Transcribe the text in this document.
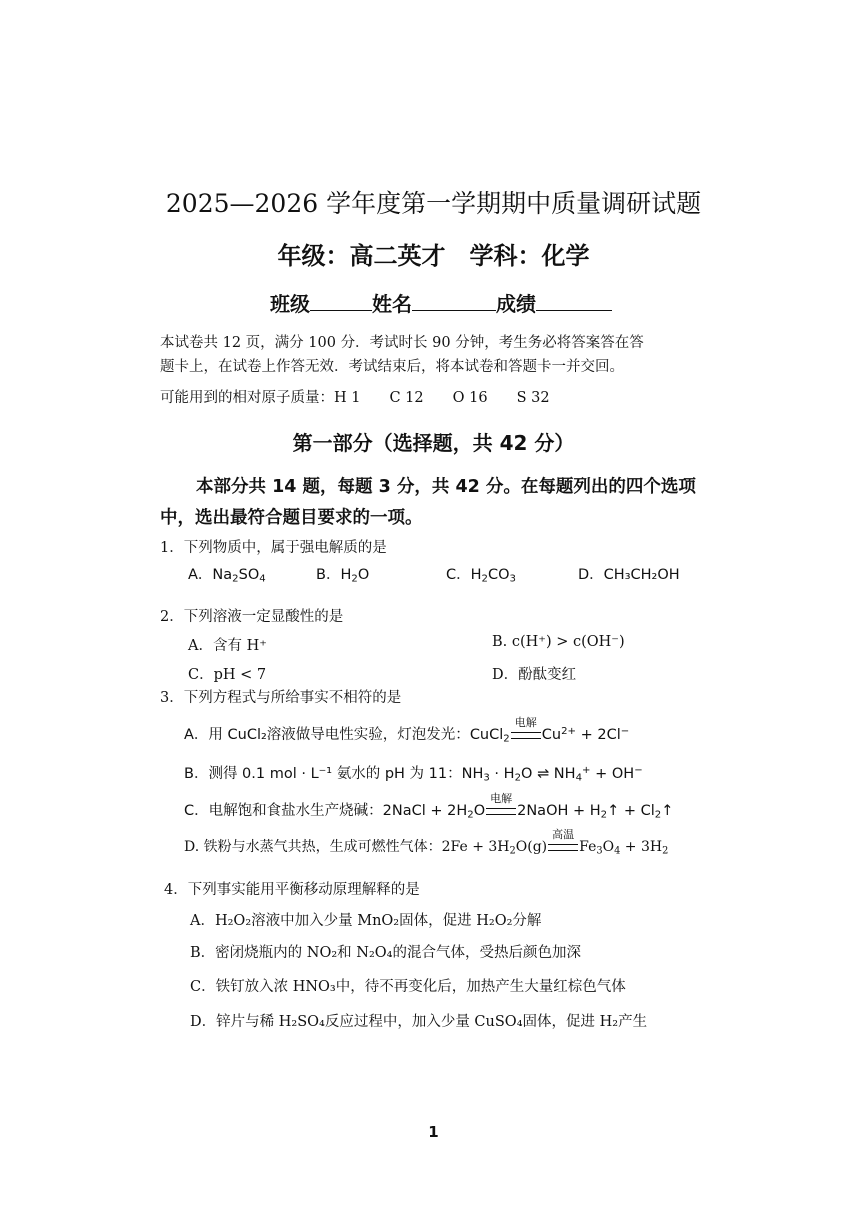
2025—2026 学年度第一学期期中质量调研试题
年级：高二英才　学科：化学
班级	姓名	成绩
本试卷共 12 页，满分 100 分．考试时长 90 分钟，考生务必将答案答在答
题卡上，在试卷上作答无效．考试结束后，将本试卷和答题卡一并交回。
可能用到的相对原子质量：H 1　　C 12　　O 16　　S 32
第一部分（选择题，共 42 分）
本部分共 14 题，每题 3 分，共 42 分。在每题列出的四个选项
中，选出最符合题目要求的一项。
1．下列物质中，属于强电解质的是
A．$Na_2SO_4$	B．$H_2O$	C．$H_2CO_3$	D．CH₃CH₂OH
2．下列溶液一定显酸性的是
A．含有 H⁺	B. c(H⁺) > c(OH⁻)
C．pH < 7	D．酚酞变红
3．下列方程式与所给事实不相符的是
A．用 CuCl₂溶液做导电性实验，灯泡发光：CuCl$_2$
电解
$Cu^{2+} + 2Cl^-$
B．测得 0.1 mol · L⁻¹ 氨水的 pH 为 11：$NH_3 \cdot H_2O$ ⇌ $NH_4^+ + OH^-$
C．电解饱和食盐水生产烧碱：2NaCl + $2H_2O$
电解
2NaOH + $H_2↑$ + $Cl_2↑$
D. 铁粉与水蒸气共热，生成可燃性气体：$2Fe + 3H_2O(g)$
高温
$Fe_3O_4 + 3H_2$
4．下列事实能用平衡移动原理解释的是
A．H₂O₂溶液中加入少量 MnO₂固体，促进 H₂O₂分解
B．密闭烧瓶内的 NO₂和 N₂O₄的混合气体，受热后颜色加深
C．铁钉放入浓 HNO₃中，待不再变化后，加热产生大量红棕色气体
D．锌片与稀 H₂SO₄反应过程中，加入少量 CuSO₄固体，促进 H₂产生
1
